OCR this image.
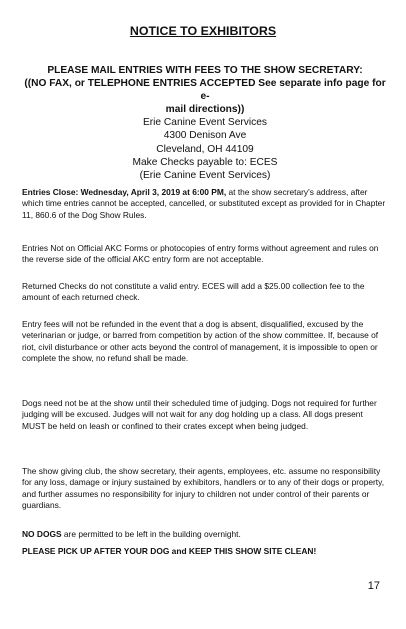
NOTICE TO EXHIBITORS
PLEASE MAIL ENTRIES WITH FEES TO THE SHOW SECRETARY:
((NO FAX, or TELEPHONE ENTRIES ACCEPTED See separate info page for e-
mail directions))
Erie Canine Event Services
4300 Denison Ave
Cleveland, OH 44109
Make Checks payable to: ECES
(Erie Canine Event Services)

Entries Close: Wednesday, April 3, 2019 at 6:00 PM, at the show secretary's address, after which time entries cannot be accepted, cancelled, or substituted except as provided for in Chapter 11, 860.6 of the Dog Show Rules.

Entries Not on Official AKC Forms or photocopies of entry forms without agreement and rules on the reverse side of the official AKC entry form are not acceptable.

Returned Checks do not constitute a valid entry. ECES will add a $25.00 collection fee to the amount of each returned check.

Entry fees will not be refunded in the event that a dog is absent, disqualified, excused by the veterinarian or judge, or barred from competition by action of the show committee. If, because of riot, civil disturbance or other acts beyond the control of management, it is impossible to open or complete the show, no refund shall be made.

Dogs need not be at the show until their scheduled time of judging. Dogs not required for further judging will be excused. Judges will not wait for any dog holding up a class. All dogs present MUST be held on leash or confined to their crates except when being judged.

The show giving club, the show secretary, their agents, employees, etc. assume no responsibility for any loss, damage or injury sustained by exhibitors, handlers or to any of their dogs or property, and further assumes no responsibility for injury to children not under control of their parents or guardians.

NO DOGS are permitted to be left in the building overnight.

PLEASE PICK UP AFTER YOUR DOG and KEEP THIS SHOW SITE CLEAN!

17
